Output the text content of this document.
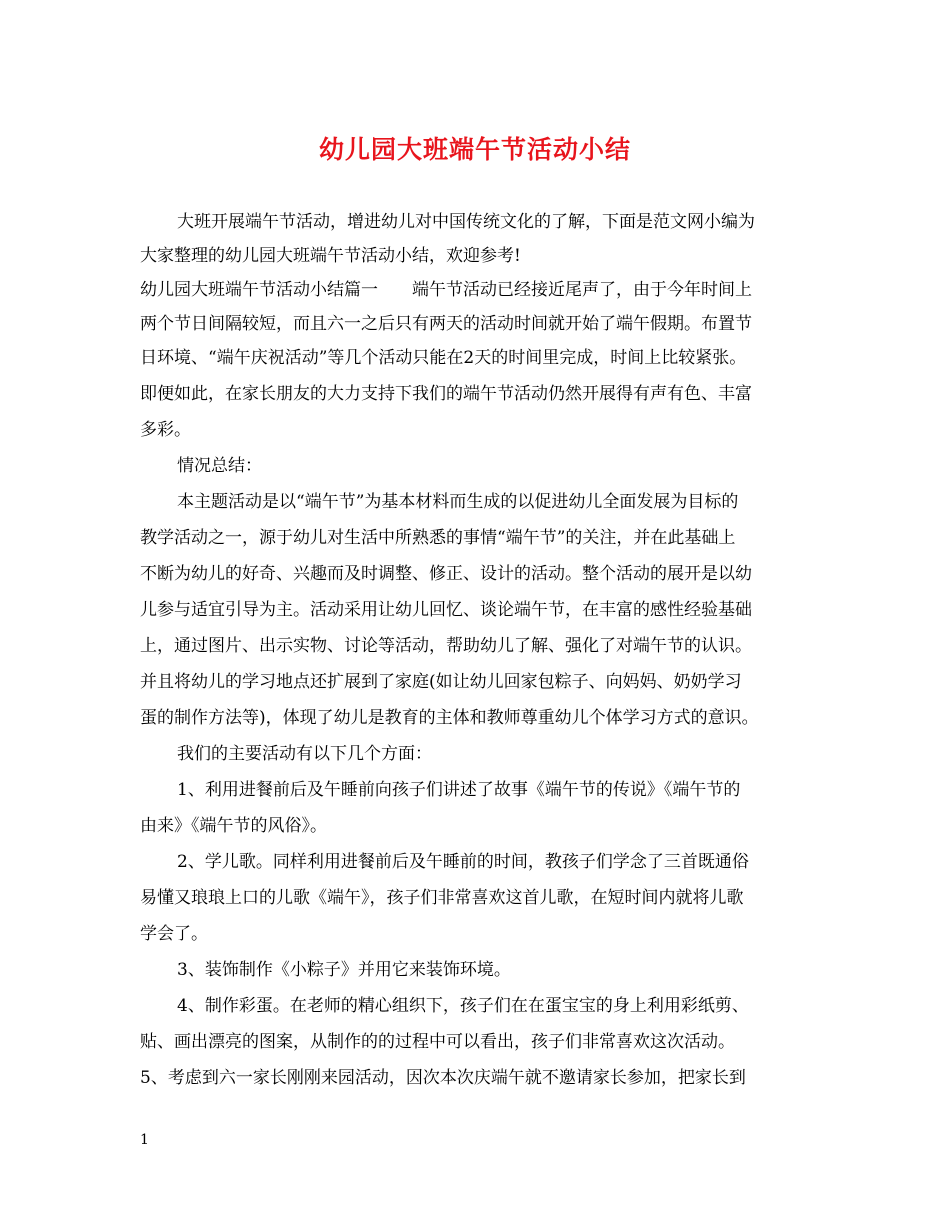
幼儿园大班端午节活动小结

大班开展端午节活动，增进幼儿对中国传统文化的了解，下面是范文网小编为

大家整理的幼儿园大班端午节活动小结，欢迎参考!

幼儿园大班端午节活动小结篇一　　端午节活动已经接近尾声了，由于今年时间上

两个节日间隔较短，而且六一之后只有两天的活动时间就开始了端午假期。布置节

日环境、“端午庆祝活动”等几个活动只能在2天的时间里完成，时间上比较紧张。

即便如此，在家长朋友的大力支持下我们的端午节活动仍然开展得有声有色、丰富

多彩。

情况总结：

本主题活动是以“端午节”为基本材料而生成的以促进幼儿全面发展为目标的

教学活动之一，源于幼儿对生活中所熟悉的事情“端午节”的关注，并在此基础上

不断为幼儿的好奇、兴趣而及时调整、修正、设计的活动。整个活动的展开是以幼

儿参与适宜引导为主。活动采用让幼儿回忆、谈论端午节，在丰富的感性经验基础

上，通过图片、出示实物、讨论等活动，帮助幼儿了解、强化了对端午节的认识。

并且将幼儿的学习地点还扩展到了家庭(如让幼儿回家包粽子、向妈妈、奶奶学习

蛋的制作方法等)，体现了幼儿是教育的主体和教师尊重幼儿个体学习方式的意识。

我们的主要活动有以下几个方面：

1、利用进餐前后及午睡前向孩子们讲述了故事《端午节的传说》《端午节的

由来》《端午节的风俗》。

2、学儿歌。同样利用进餐前后及午睡前的时间，教孩子们学念了三首既通俗

易懂又琅琅上口的儿歌《端午》，孩子们非常喜欢这首儿歌，在短时间内就将儿歌

学会了。

3、装饰制作《小粽子》并用它来装饰环境。

4、制作彩蛋。在老师的精心组织下，孩子们在在蛋宝宝的身上利用彩纸剪、

贴、画出漂亮的图案，从制作的的过程中可以看出，孩子们非常喜欢这次活动。

5、考虑到六一家长刚刚来园活动，因次本次庆端午就不邀请家长参加，把家长到

1
